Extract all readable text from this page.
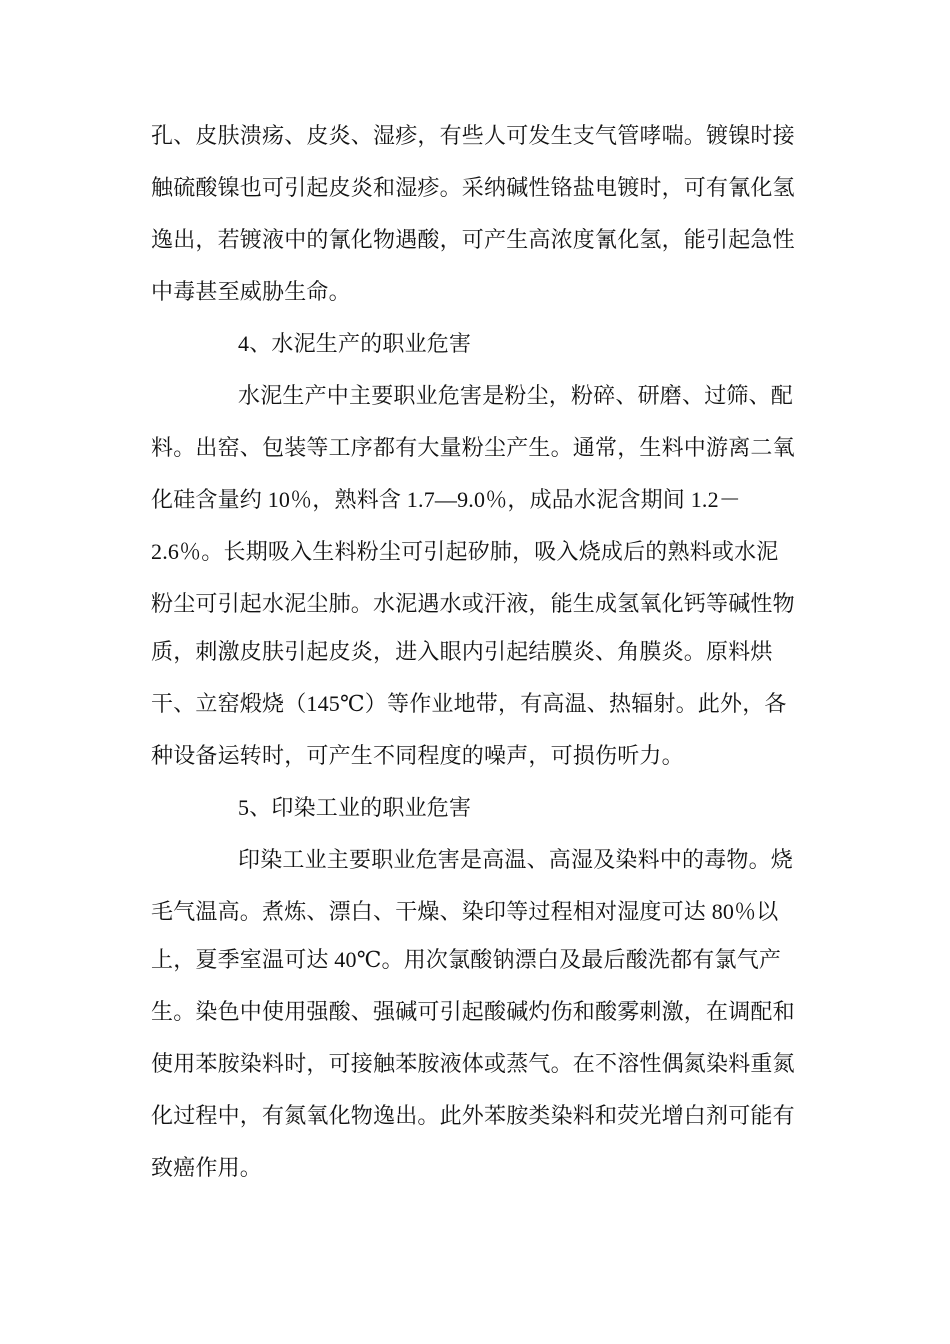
孔、皮肤溃疡、皮炎、湿疹，有些人可发生支气管哮喘。镀镍时接
触硫酸镍也可引起皮炎和湿疹。采纳碱性铬盐电镀时，可有氰化氢
逸出，若镀液中的氰化物遇酸，可产生高浓度氰化氢，能引起急性
中毒甚至威胁生命。
4、水泥生产的职业危害
水泥生产中主要职业危害是粉尘，粉碎、研磨、过筛、配
料。出窑、包装等工序都有大量粉尘产生。通常，生料中游离二氧
化硅含量约 10％，熟料含 1.7—9.0％，成品水泥含期间 1.2－
2.6％。长期吸入生料粉尘可引起矽肺，吸入烧成后的熟料或水泥
粉尘可引起水泥尘肺。水泥遇水或汗液，能生成氢氧化钙等碱性物
质，刺激皮肤引起皮炎，进入眼内引起结膜炎、角膜炎。原料烘
干、立窑煅烧（145℃）等作业地带，有高温、热辐射。此外，各
种设备运转时，可产生不同程度的噪声，可损伤听力。
5、印染工业的职业危害
印染工业主要职业危害是高温、高湿及染料中的毒物。烧
毛气温高。煮炼、漂白、干燥、染印等过程相对湿度可达 80％以
上，夏季室温可达 40℃。用次氯酸钠漂白及最后酸洗都有氯气产
生。染色中使用强酸、强碱可引起酸碱灼伤和酸雾刺激，在调配和
使用苯胺染料时，可接触苯胺液体或蒸气。在不溶性偶氮染料重氮
化过程中，有氮氧化物逸出。此外苯胺类染料和荧光增白剂可能有
致癌作用。
